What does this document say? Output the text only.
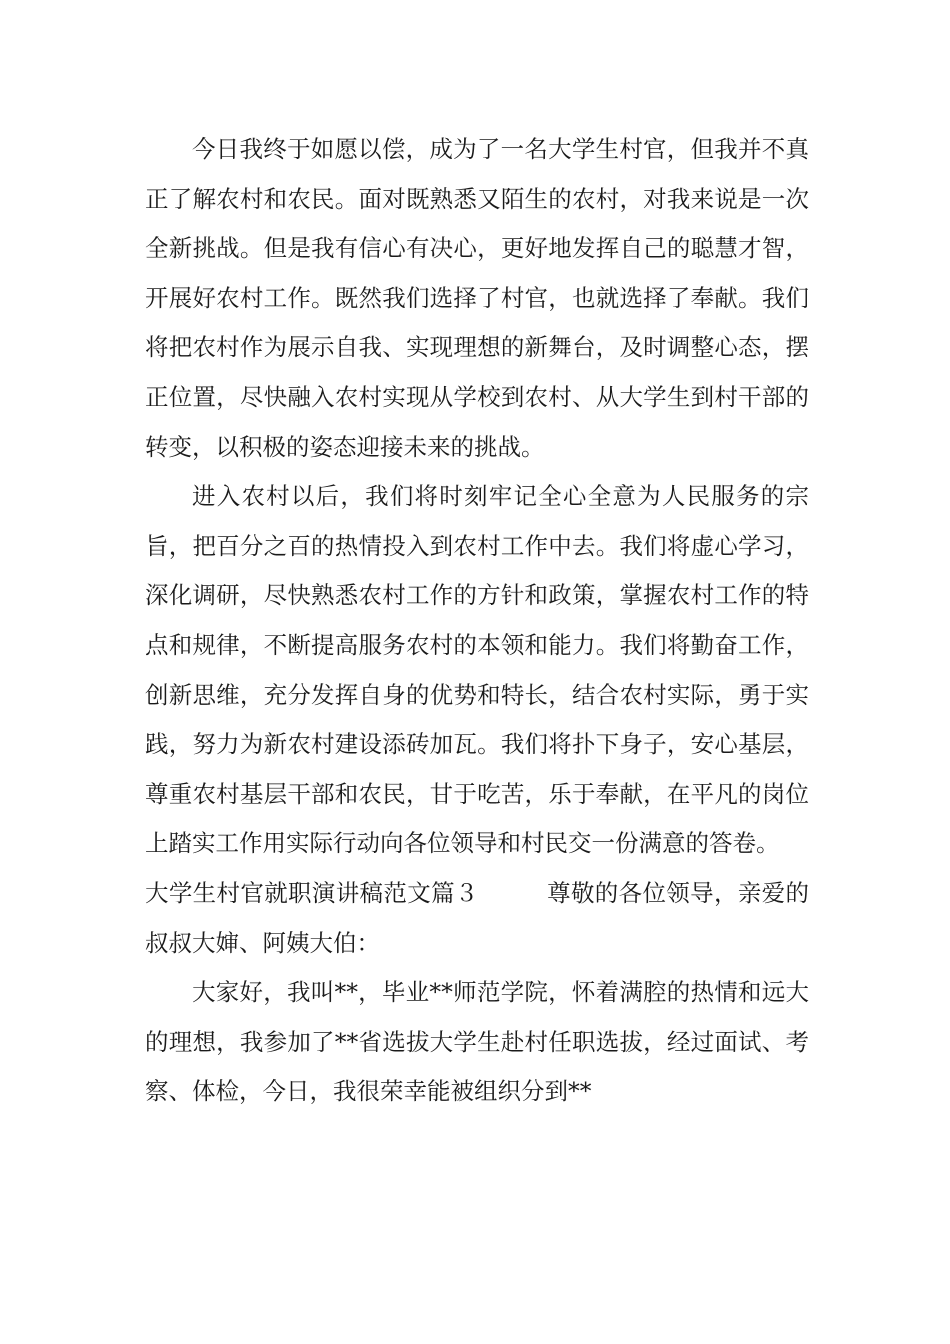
今日我终于如愿以偿，成为了一名大学生村官，但我并不真正了解农村和农民。面对既熟悉又陌生的农村，对我来说是一次全新挑战。但是我有信心有决心，更好地发挥自己的聪慧才智，开展好农村工作。既然我们选择了村官，也就选择了奉献。我们将把农村作为展示自我、实现理想的新舞台，及时调整心态，摆正位置，尽快融入农村实现从学校到农村、从大学生到村干部的转变，以积极的姿态迎接未来的挑战。

进入农村以后，我们将时刻牢记全心全意为人民服务的宗旨，把百分之百的热情投入到农村工作中去。我们将虚心学习，深化调研，尽快熟悉农村工作的方针和政策，掌握农村工作的特点和规律，不断提高服务农村的本领和能力。我们将勤奋工作，创新思维，充分发挥自身的优势和特长，结合农村实际，勇于实践，努力为新农村建设添砖加瓦。我们将扑下身子，安心基层，尊重农村基层干部和农民，甘于吃苦，乐于奉献，在平凡的岗位上踏实工作用实际行动向各位领导和村民交一份满意的答卷。

大学生村官就职演讲稿范文篇３	尊敬的各位领导，亲爱的叔叔大婶、阿姨大伯：

大家好，我叫**，毕业**师范学院，怀着满腔的热情和远大的理想，我参加了**省选拔大学生赴村任职选拔，经过面试、考察、体检，今日，我很荣幸能被组织分到**
